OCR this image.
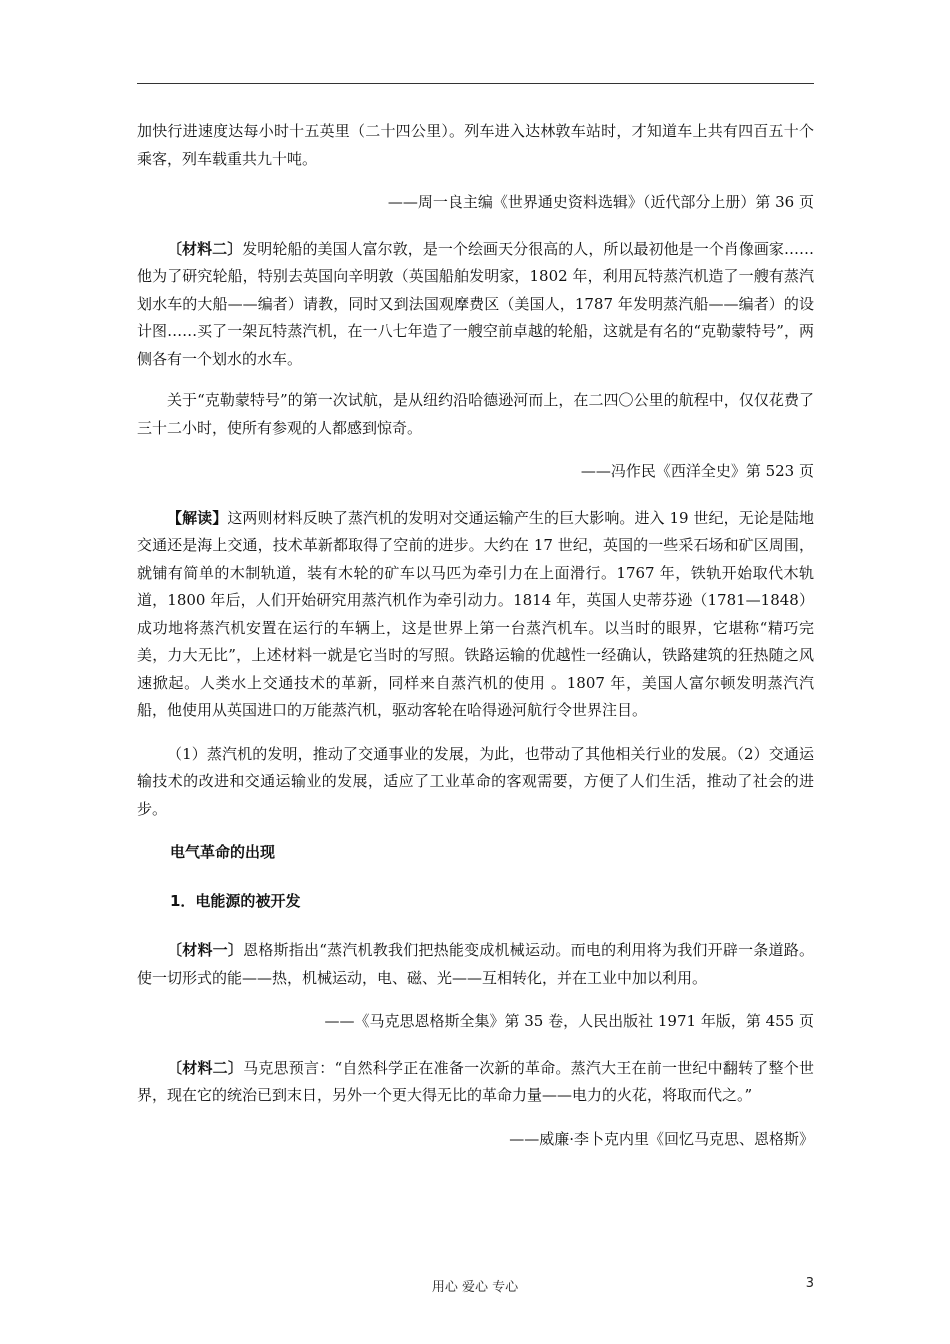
加快行进速度达每小时十五英里（二十四公里）。列车进入达林敦车站时，才知道车上共有四百五十个乘客，列车载重共九十吨。

——周一良主编《世界通史资料选辑》（近代部分上册）第 36 页

〔材料二〕发明轮船的美国人富尔敦，是一个绘画天分很高的人，所以最初他是一个肖像画家……他为了研究轮船，特别去英国向辛明敦（英国船舶发明家，1802 年，利用瓦特蒸汽机造了一艘有蒸汽划水车的大船——编者）请教，同时又到法国观摩费区（美国人，1787 年发明蒸汽船——编者）的设计图……买了一架瓦特蒸汽机，在一八七年造了一艘空前卓越的轮船，这就是有名的“克勒蒙特号”，两侧各有一个划水的水车。

关于“克勒蒙特号”的第一次试航，是从纽约沿哈德逊河而上，在二四〇公里的航程中，仅仅花费了三十二小时，使所有参观的人都感到惊奇。

——冯作民《西洋全史》第 523 页

【解读】这两则材料反映了蒸汽机的发明对交通运输产生的巨大影响。进入 19 世纪，无论是陆地交通还是海上交通，技术革新都取得了空前的进步。大约在 17 世纪，英国的一些采石场和矿区周围，就铺有简单的木制轨道，装有木轮的矿车以马匹为牵引力在上面滑行。1767 年，铁轨开始取代木轨道，1800 年后，人们开始研究用蒸汽机作为牵引动力。1814 年，英国人史蒂芬逊（1781—1848）成功地将蒸汽机安置在运行的车辆上，这是世界上第一台蒸汽机车。以当时的眼界，它堪称“精巧完美，力大无比”，上述材料一就是它当时的写照。铁路运输的优越性一经确认，铁路建筑的狂热随之风速掀起。人类水上交通技术的革新，同样来自蒸汽机的使用 。1807 年，美国人富尔顿发明蒸汽汽船，他使用从英国进口的万能蒸汽机，驱动客轮在哈得逊河航行令世界注目。

（1）蒸汽机的发明，推动了交通事业的发展，为此，也带动了其他相关行业的发展。（2）交通运输技术的改进和交通运输业的发展，适应了工业革命的客观需要，方便了人们生活，推动了社会的进步。

电气革命的出现
1．电能源的被开发

〔材料一〕恩格斯指出“蒸汽机教我们把热能变成机械运动。而电的利用将为我们开辟一条道路。使一切形式的能——热，机械运动，电、磁、光——互相转化，并在工业中加以利用。

——《马克思恩格斯全集》第 35 卷，人民出版社 1971 年版，第 455 页

〔材料二〕马克思预言：“自然科学正在准备一次新的革命。蒸汽大王在前一世纪中翻转了整个世界，现在它的统治已到末日，另外一个更大得无比的革命力量——电力的火花，将取而代之。”

——威廉·李卜克内里《回忆马克思、恩格斯》

用心 爱心 专心	3
